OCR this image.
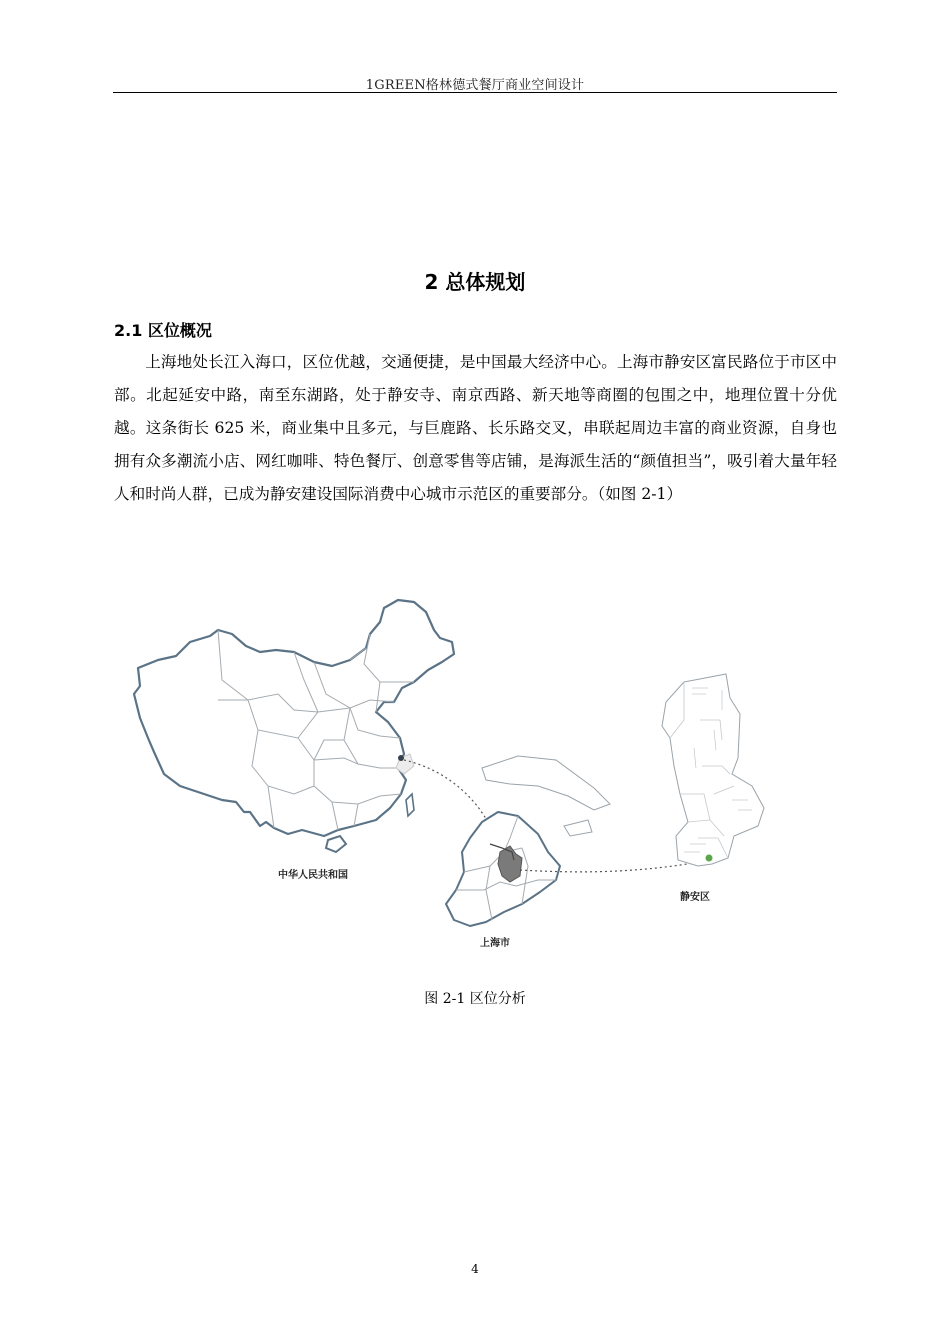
1GREEN格林德式餐厅商业空间设计
2 总体规划
2.1 区位概况

上海地处长江入海口，区位优越，交通便捷，是中国最大经济中心。上海市静安区富民路位于市区中部。北起延安中路，南至东湖路，处于静安寺、南京西路、新天地等商圈的包围之中，地理位置十分优越。这条街长 625 米，商业集中且多元，与巨鹿路、长乐路交叉，串联起周边丰富的商业资源，自身也拥有众多潮流小店、网红咖啡、特色餐厅、创意零售等店铺，是海派生活的“颜值担当”，吸引着大量年轻人和时尚人群，已成为静安建设国际消费中心城市示范区的重要部分。（如图 2-1）

中华人民共和国
上海市
静安区
图 2-1 区位分析
4
